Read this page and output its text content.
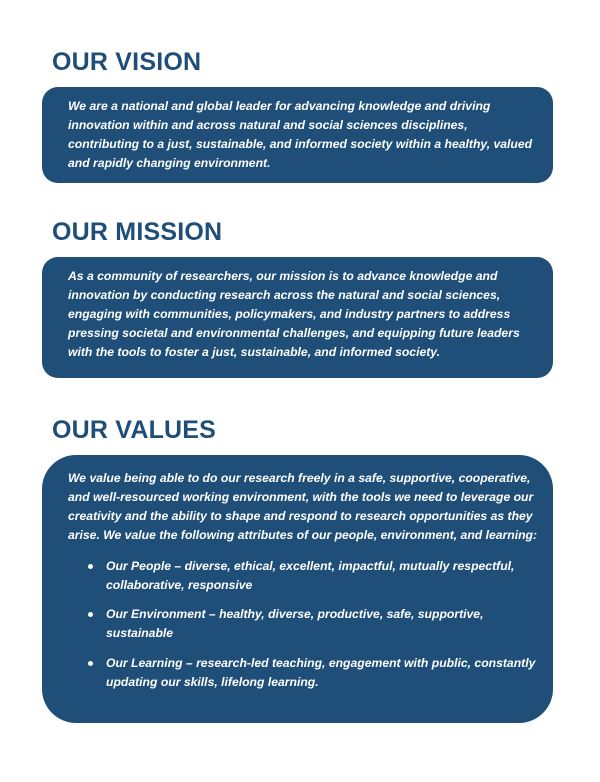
OUR VISION

We are a national and global leader for advancing knowledge and driving innovation within and across natural and social sciences disciplines, contributing to a just, sustainable, and informed society within a healthy, valued and rapidly changing environment.

OUR MISSION

As a community of researchers, our mission is to advance knowledge and innovation by conducting research across the natural and social sciences, engaging with communities, policymakers, and industry partners to address pressing societal and environmental challenges, and equipping future leaders with the tools to foster a just, sustainable, and informed society.

OUR VALUES

We value being able to do our research freely in a safe, supportive, cooperative, and well-resourced working environment, with the tools we need to leverage our creativity and the ability to shape and respond to research opportunities as they arise. We value the following attributes of our people, environment, and learning:

Our People – diverse, ethical, excellent, impactful, mutually respectful, collaborative, responsive
Our Environment – healthy, diverse, productive, safe, supportive, sustainable
Our Learning – research-led teaching, engagement with public, constantly updating our skills, lifelong learning.
